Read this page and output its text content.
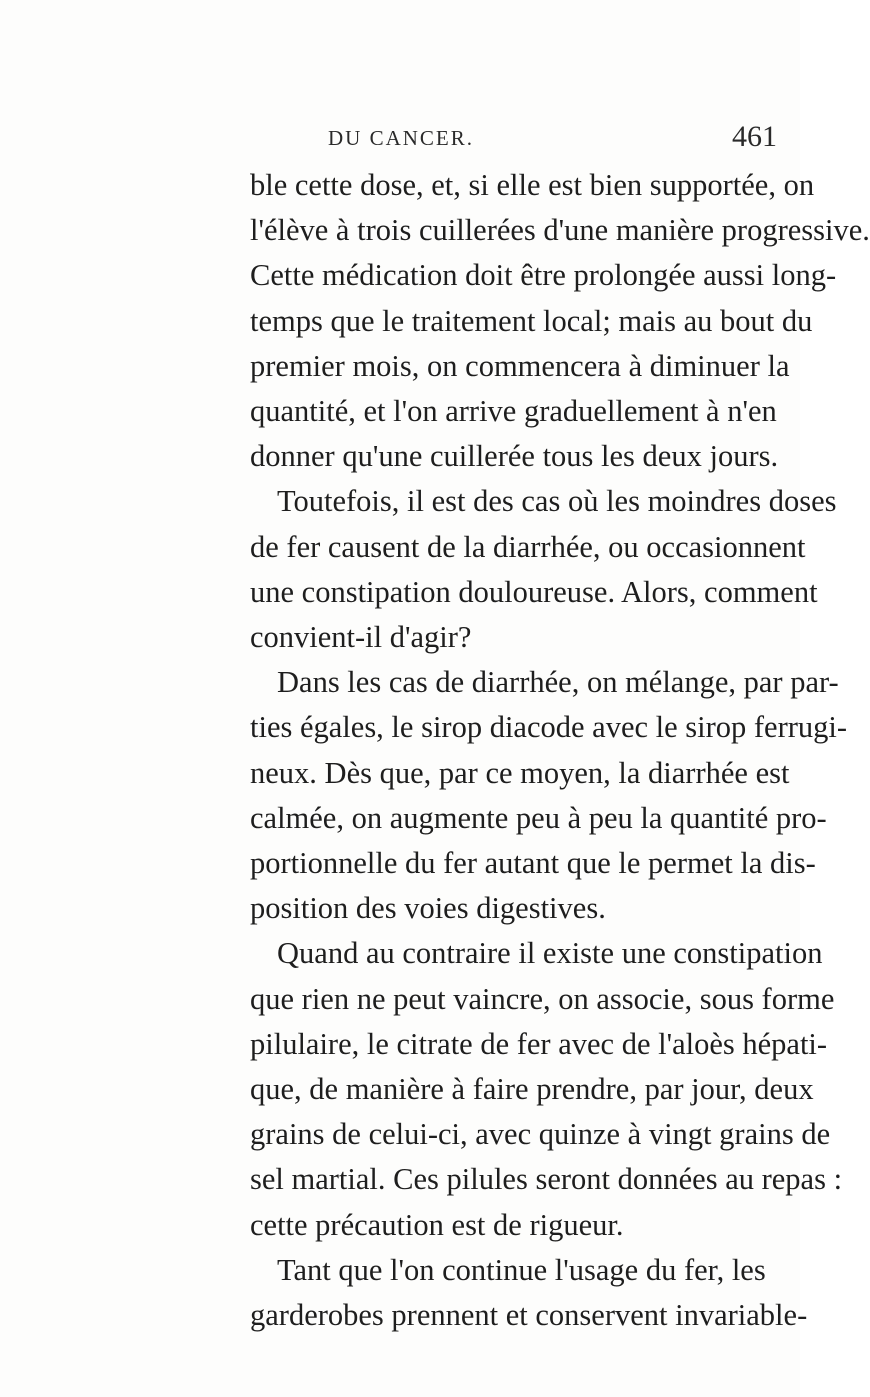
DU CANCER.	461
ble cette dose, et, si elle est bien supportée, on
l'élève à trois cuillerées d'une manière progressive.
Cette médication doit être prolongée aussi long-
temps que le traitement local; mais au bout du
premier mois, on commencera à diminuer la
quantité, et l'on arrive graduellement à n'en
donner qu'une cuillerée tous les deux jours.
Toutefois, il est des cas où les moindres doses
de fer causent de la diarrhée, ou occasionnent
une constipation douloureuse. Alors, comment
convient-il d'agir?
Dans les cas de diarrhée, on mélange, par par-
ties égales, le sirop diacode avec le sirop ferrugi-
neux. Dès que, par ce moyen, la diarrhée est
calmée, on augmente peu à peu la quantité pro-
portionnelle du fer autant que le permet la dis-
position des voies digestives.
Quand au contraire il existe une constipation
que rien ne peut vaincre, on associe, sous forme
pilulaire, le citrate de fer avec de l'aloès hépati-
que, de manière à faire prendre, par jour, deux
grains de celui-ci, avec quinze à vingt grains de
sel martial. Ces pilules seront données au repas :
cette précaution est de rigueur.
Tant que l'on continue l'usage du fer, les
garderobes prennent et conservent invariable-
